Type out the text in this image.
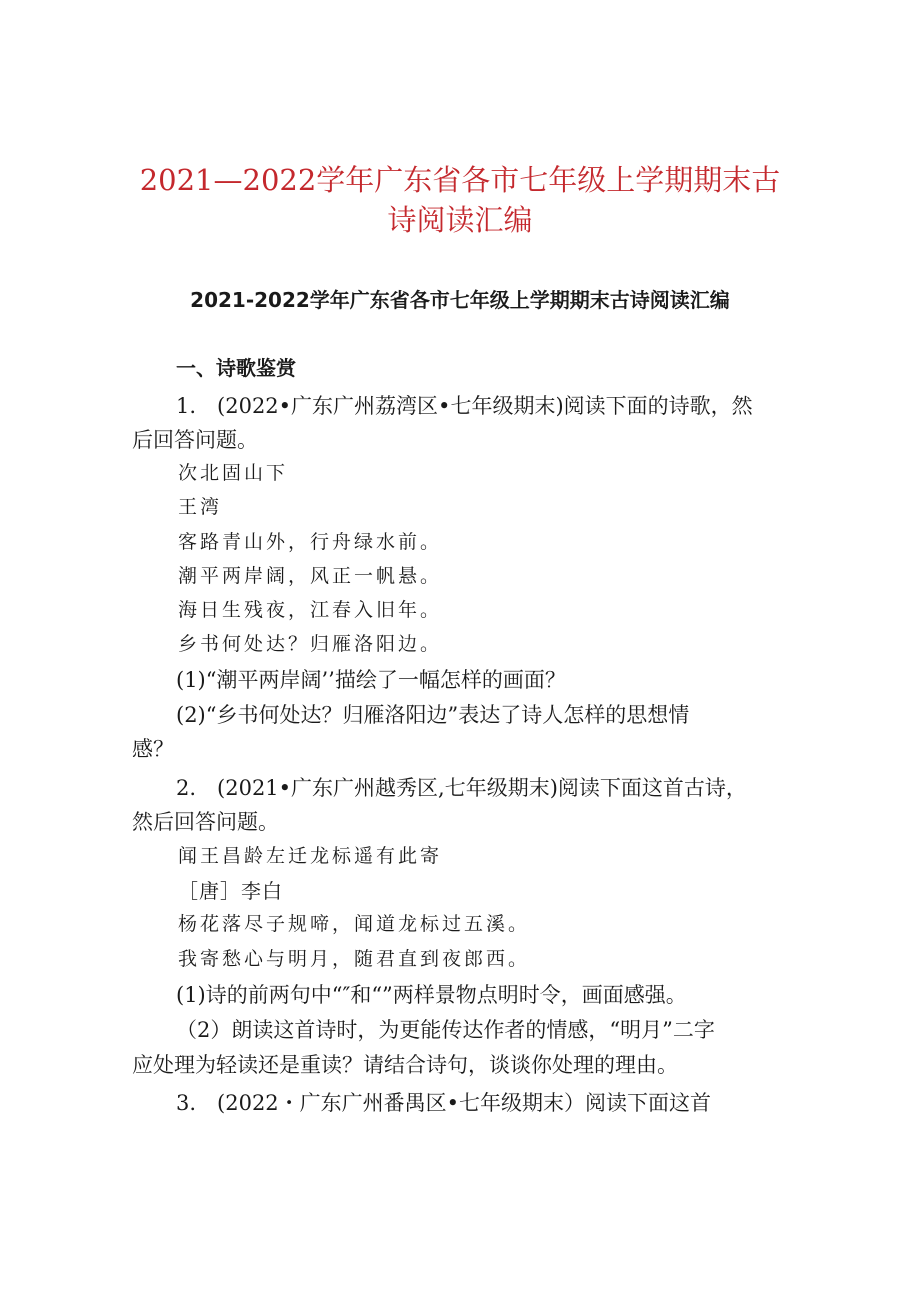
2021—2022学年广东省各市七年级上学期期末古
诗阅读汇编
2021-2022学年广东省各市七年级上学期期末古诗阅读汇编
一、诗歌鉴赏
1.　(2022•广东广州荔湾区•七年级期末)阅读下面的诗歌，然
后回答问题。
次北固山下
王湾
客路青山外，行舟绿水前。
潮平两岸阔，风正一帆悬。
海日生残夜，江春入旧年。
乡书何处达？归雁洛阳边。
(1)“潮平两岸阔’’描绘了一幅怎样的画面？
(2)“乡书何处达？归雁洛阳边”表达了诗人怎样的思想情
感？
2.　(2021•广东广州越秀区,七年级期末)阅读下面这首古诗，
然后回答问题。
闻王昌龄左迁龙标遥有此寄
［唐］李白
杨花落尽子规啼，闻道龙标过五溪。
我寄愁心与明月，随君直到夜郎西。
(1)诗的前两句中“″和“”两样景物点明时令，画面感强。
（2）朗读这首诗时，为更能传达作者的情感，“明月”二字
应处理为轻读还是重读？请结合诗句，谈谈你处理的理由。
3.　(2022・广东广州番禺区•七年级期末）阅读下面这首
